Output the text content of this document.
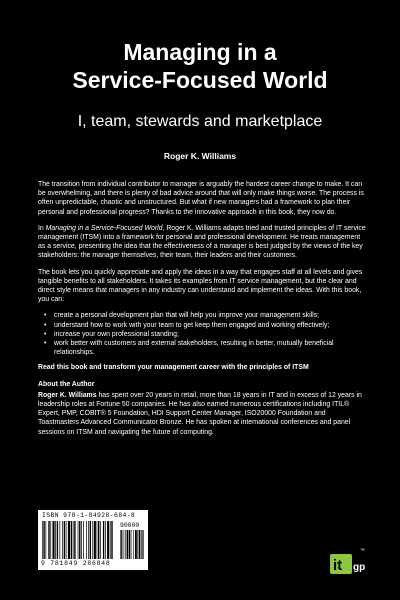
Managing in a
Service-Focused World
I, team, stewards and marketplace
Roger K. Williams

The transition from individual contributor to manager is arguably the hardest career change to make. It can be overwhelming, and there is plenty of bad advice around that will only make things worse. The process is often unpredictable, chaotic and unstructured. But what if new managers had a framework to plan their personal and professional progress? Thanks to the innovative approach in this book, they now do.

In Managing in a Service-Focused World, Roger K. Williams adapts tried and trusted principles of IT service management (ITSM) into a framework for personal and professional development. He treats management as a service, presenting the idea that the effectiveness of a manager is best judged by the views of the key stakeholders: the manager themselves, their team, their leaders and their customers.

The book lets you quickly appreciate and apply the ideas in a way that engages staff at all levels and gives tangible benefits to all stakeholders. It takes its examples from IT service management, but the clear and direct style means that managers in any industry can understand and implement the ideas. With this book, you can:

• create a personal development plan that will help you improve your management skills;
• understand how to work with your team to get keep them engaged and working effectively;
• increase your own professional standing;
• work better with customers and external stakeholders, resulting in better, mutually beneficial relationships.

Read this book and transform your management career with the principles of ITSM

About the Author

Roger K. Williams has spent over 20 years in retail, more than 18 years in IT and in excess of 12 years in leadership roles at Fortune 50 companies. He has also earned numerous certifications including ITIL® Expert, PMP, COBIT® 5 Foundation, HDI Support Center Manager, ISO20000 Foundation and Toastmasters Advanced Communicator Bronze. He has spoken at international conferences and panel sessions on ITSM and navigating the future of computing.

ISBN 978-1-84928-684-8
90000
9 781849 286848	it gp
™
